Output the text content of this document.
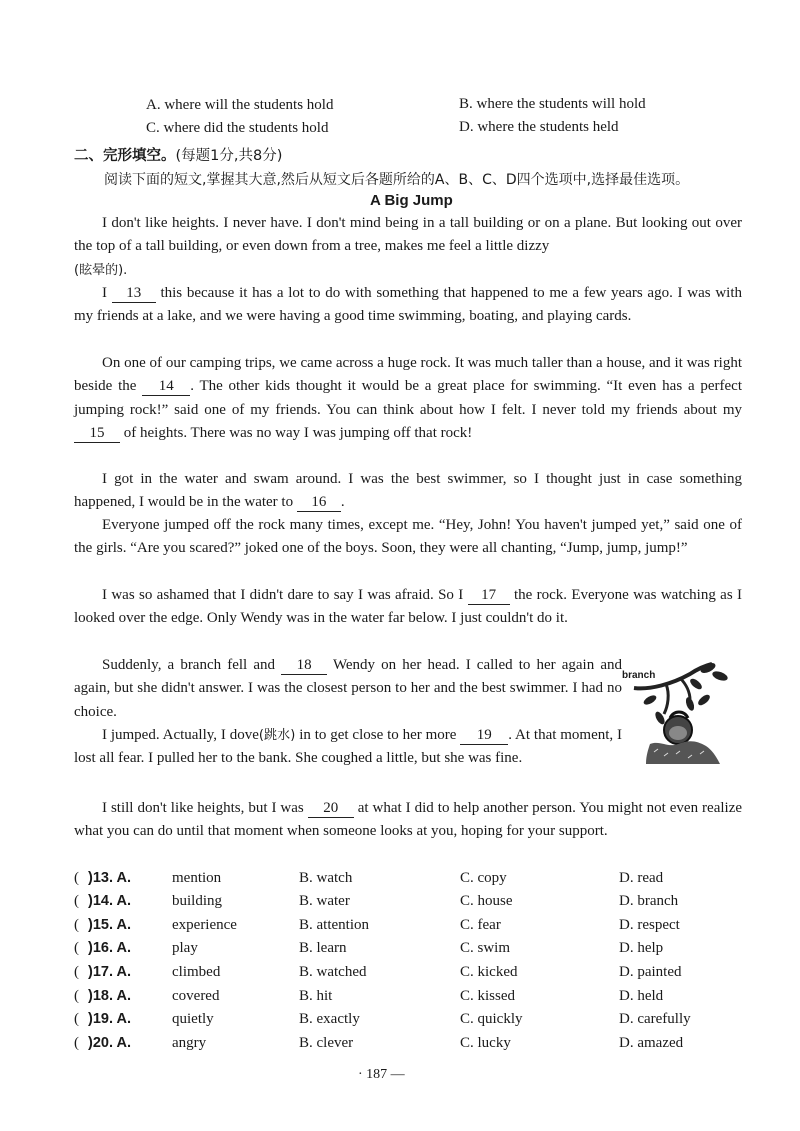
A. where will the students hold	B. where the students will hold
C. where did the students hold	D. where the students held
二、完形填空。(每题1分,共8分)
阅读下面的短文,掌握其大意,然后从短文后各题所给的A、B、C、D四个选项中,选择最佳选项。
A Big Jump

I don't like heights. I never have. I don't mind being in a tall building or on a plane. But looking out over the top of a tall building, or even down from a tree, makes me feel a little dizzy
(眩晕的).

I 13 this because it has a lot to do with something that happened to me a few years ago. I was with my friends at a lake, and we were having a good time swimming, boating, and playing cards.

On one of our camping trips, we came across a huge rock. It was much taller than a house, and it was right beside the 14 . The other kids thought it would be a great place for swimming. “It even has a perfect jumping rock!” said one of my friends. You can think about how I felt. I never told my friends about my 15 of heights. There was no way I was jumping off that rock!

I got in the water and swam around. I was the best swimmer, so I thought just in case something happened, I would be in the water to 16 .

Everyone jumped off the rock many times, except me. “Hey, John! You haven't jumped yet,” said one of the girls. “Are you scared?” joked one of the boys. Soon, they were all chanting, “Jump, jump, jump!”

I was so ashamed that I didn't dare to say I was afraid. So I 17 the rock. Everyone was watching as I looked over the edge. Only Wendy was in the water far below. I just couldn't do it.

Suddenly, a branch fell and 18 Wendy on her head. I called to her again and again, but she didn't answer. I was the closest person to her and the best swimmer. I had no choice.

I jumped. Actually, I dove(跳水) in to get close to her more 19 . At that moment, I lost all fear. I pulled her to the bank. She coughed a little, but she was fine.

I still don't like heights, but I was 20 at what I did to help another person. You might not even realize what you can do until that moment when someone looks at you, hoping for your support.

branch
( )13. A.	mention	B. watch	C. copy	D. read
( )14. A.	building	B. water	C. house	D. branch
( )15. A.	experience	B. attention	C. fear	D. respect
( )16. A.	play	B. learn	C. swim	D. help
( )17. A.	climbed	B. watched	C. kicked	D. painted
( )18. A.	covered	B. hit	C. kissed	D. held
( )19. A.	quietly	B. exactly	C. quickly	D. carefully
( )20. A.	angry	B. clever	C. lucky	D. amazed
· 187 —
